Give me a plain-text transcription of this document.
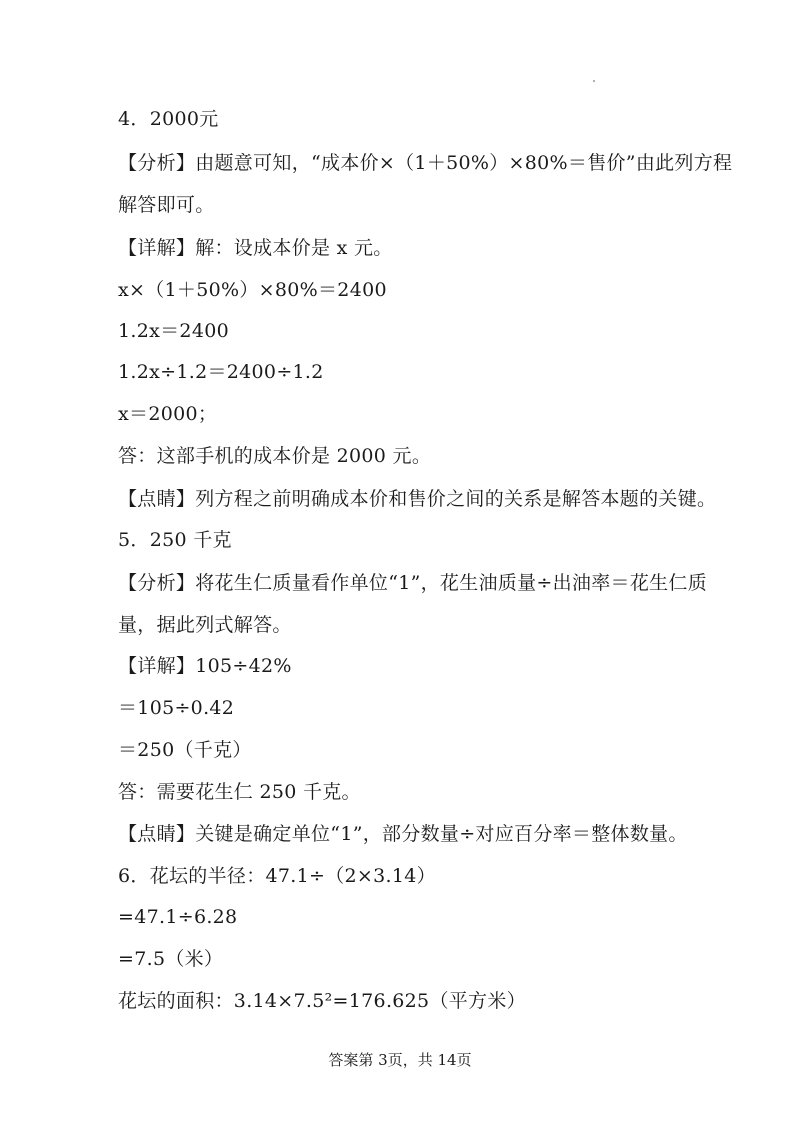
4．2000元
【分析】由题意可知，“成本价×（1＋50%）×80%＝售价”由此列方程
解答即可。
【详解】解：设成本价是 x 元。
x×（1＋50%）×80%＝2400
1.2x＝2400
1.2x÷1.2＝2400÷1.2
x＝2000；
答：这部手机的成本价是 2000 元。
【点睛】列方程之前明确成本价和售价之间的关系是解答本题的关键。
5．250 千克
【分析】将花生仁质量看作单位“1”，花生油质量÷出油率＝花生仁质
量，据此列式解答。
【详解】105÷42%
＝105÷0.42
＝250（千克）
答：需要花生仁 250 千克。
【点睛】关键是确定单位“1”，部分数量÷对应百分率＝整体数量。
6．花坛的半径：47.1÷（2×3.14）
=47.1÷6.28
=7.5（米）
花坛的面积：3.14×7.5²=176.625（平方米）
答案第 3页，共 14页
